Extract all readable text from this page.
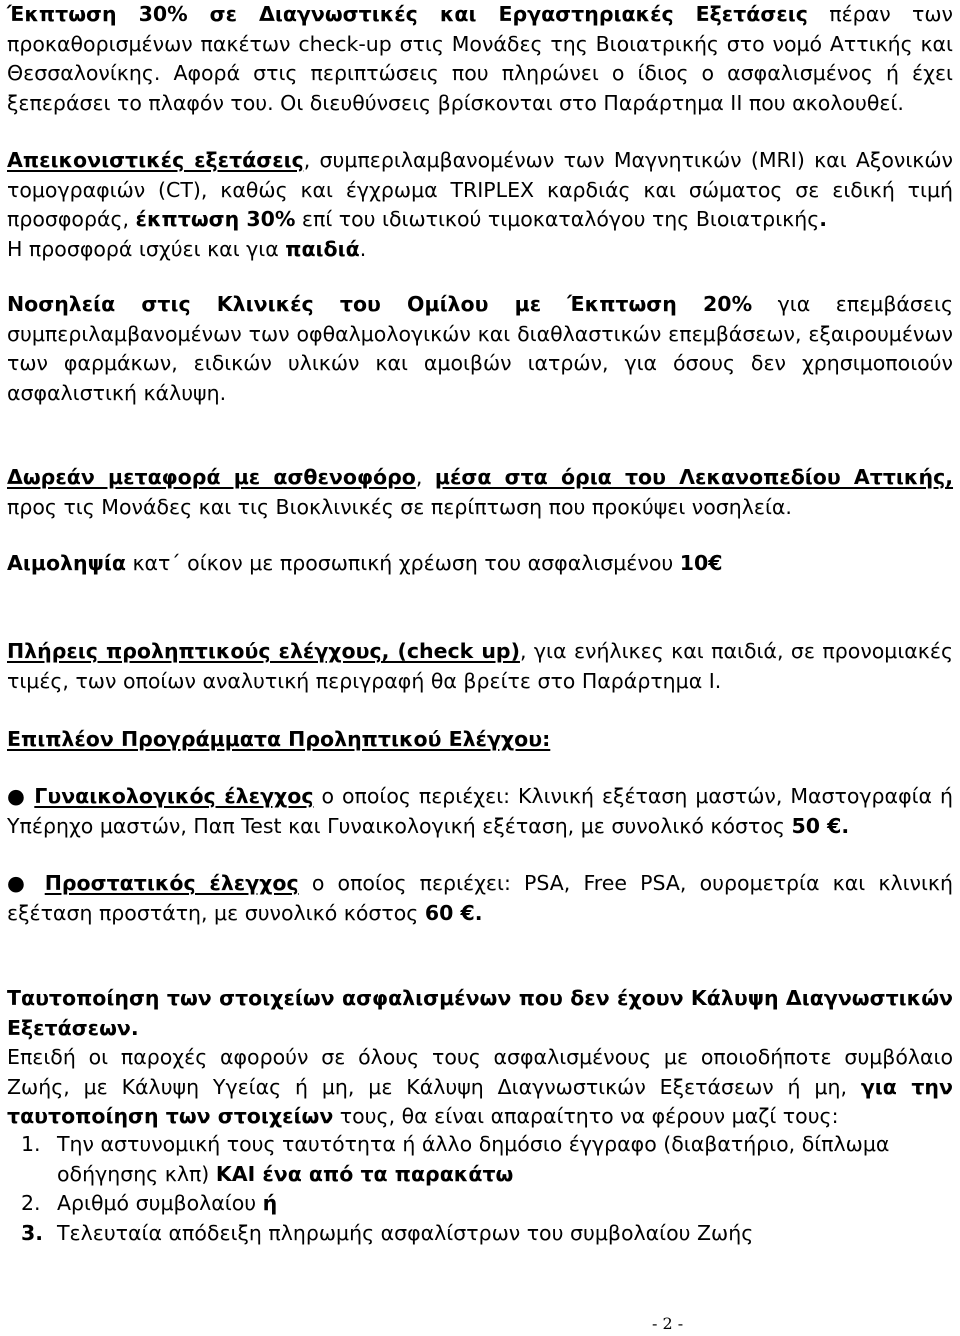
Έκπτωση 30% σε Διαγνωστικές και Εργαστηριακές Εξετάσεις πέραν των προκαθορισμένων πακέτων check-up στις Μονάδες της Βιοιατρικής στο νομό Αττικής και Θεσσαλονίκης. Αφορά στις περιπτώσεις που πληρώνει ο ίδιος ο ασφαλισμένος ή έχει ξεπεράσει το πλαφόν του. Οι διευθύνσεις βρίσκονται στο Παράρτημα ΙΙ που ακολουθεί.

Απεικονιστικές εξετάσεις, συμπεριλαμβανομένων των Μαγνητικών (MRI) και Αξονικών τομογραφιών (CT), καθώς και έγχρωμα TRIPLEX καρδιάς και σώματος σε ειδική τιμή προσφοράς, έκπτωση 30% επί του ιδιωτικού τιμοκαταλόγου της Βιοιατρικής.
Η προσφορά ισχύει και για παιδιά.

Νοσηλεία στις Κλινικές του Ομίλου με Έκπτωση 20% για επεμβάσεις συμπεριλαμβανομένων των οφθαλμολογικών και διαθλαστικών επεμβάσεων, εξαιρουμένων των φαρμάκων, ειδικών υλικών και αμοιβών ιατρών, για όσους δεν χρησιμοποιούν ασφαλιστική κάλυψη.

Δωρεάν μεταφορά με ασθενοφόρο, μέσα στα όρια του Λεκανοπεδίου Αττικής, προς τις Μονάδες και τις Βιοκλινικές σε περίπτωση που προκύψει νοσηλεία.

Αιμοληψία κατ΄ οίκον με προσωπική χρέωση του ασφαλισμένου 10€

Πλήρεις προληπτικούς ελέγχους, (check up), για ενήλικες και παιδιά, σε προνομιακές τιμές, των οποίων αναλυτική περιγραφή θα βρείτε στο Παράρτημα Ι.

Επιπλέον Προγράμματα Προληπτικού Ελέγχου:

● Γυναικολογικός έλεγχος ο οποίος περιέχει: Κλινική εξέταση μαστών, Μαστογραφία ή Υπέρηχο μαστών, Παπ Test και Γυναικολογική εξέταση, με συνολικό κόστος 50 €.

● Προστατικός έλεγχος ο οποίος περιέχει: PSA, Free PSA, ουρομετρία και κλινική εξέταση προστάτη, με συνολικό κόστος 60 €.

Ταυτοποίηση των στοιχείων ασφαλισμένων που δεν έχουν Κάλυψη Διαγνωστικών Εξετάσεων.

Επειδή οι παροχές αφορούν σε όλους τους ασφαλισμένους με οποιοδήποτε συμβόλαιο Ζωής, με Κάλυψη Υγείας ή μη, με Κάλυψη Διαγνωστικών Εξετάσεων ή μη, για την ταυτοποίηση των στοιχείων τους, θα είναι απαραίτητο να φέρουν μαζί τους:

1. Την αστυνομική τους ταυτότητα ή άλλο δημόσιο έγγραφο (διαβατήριο, δίπλωμα οδήγησης κλπ) ΚΑΙ ένα από τα παρακάτω
2. Αριθμό συμβολαίου ή
3. Τελευταία απόδειξη πληρωμής ασφαλίστρων του συμβολαίου Ζωής
- 2 -
